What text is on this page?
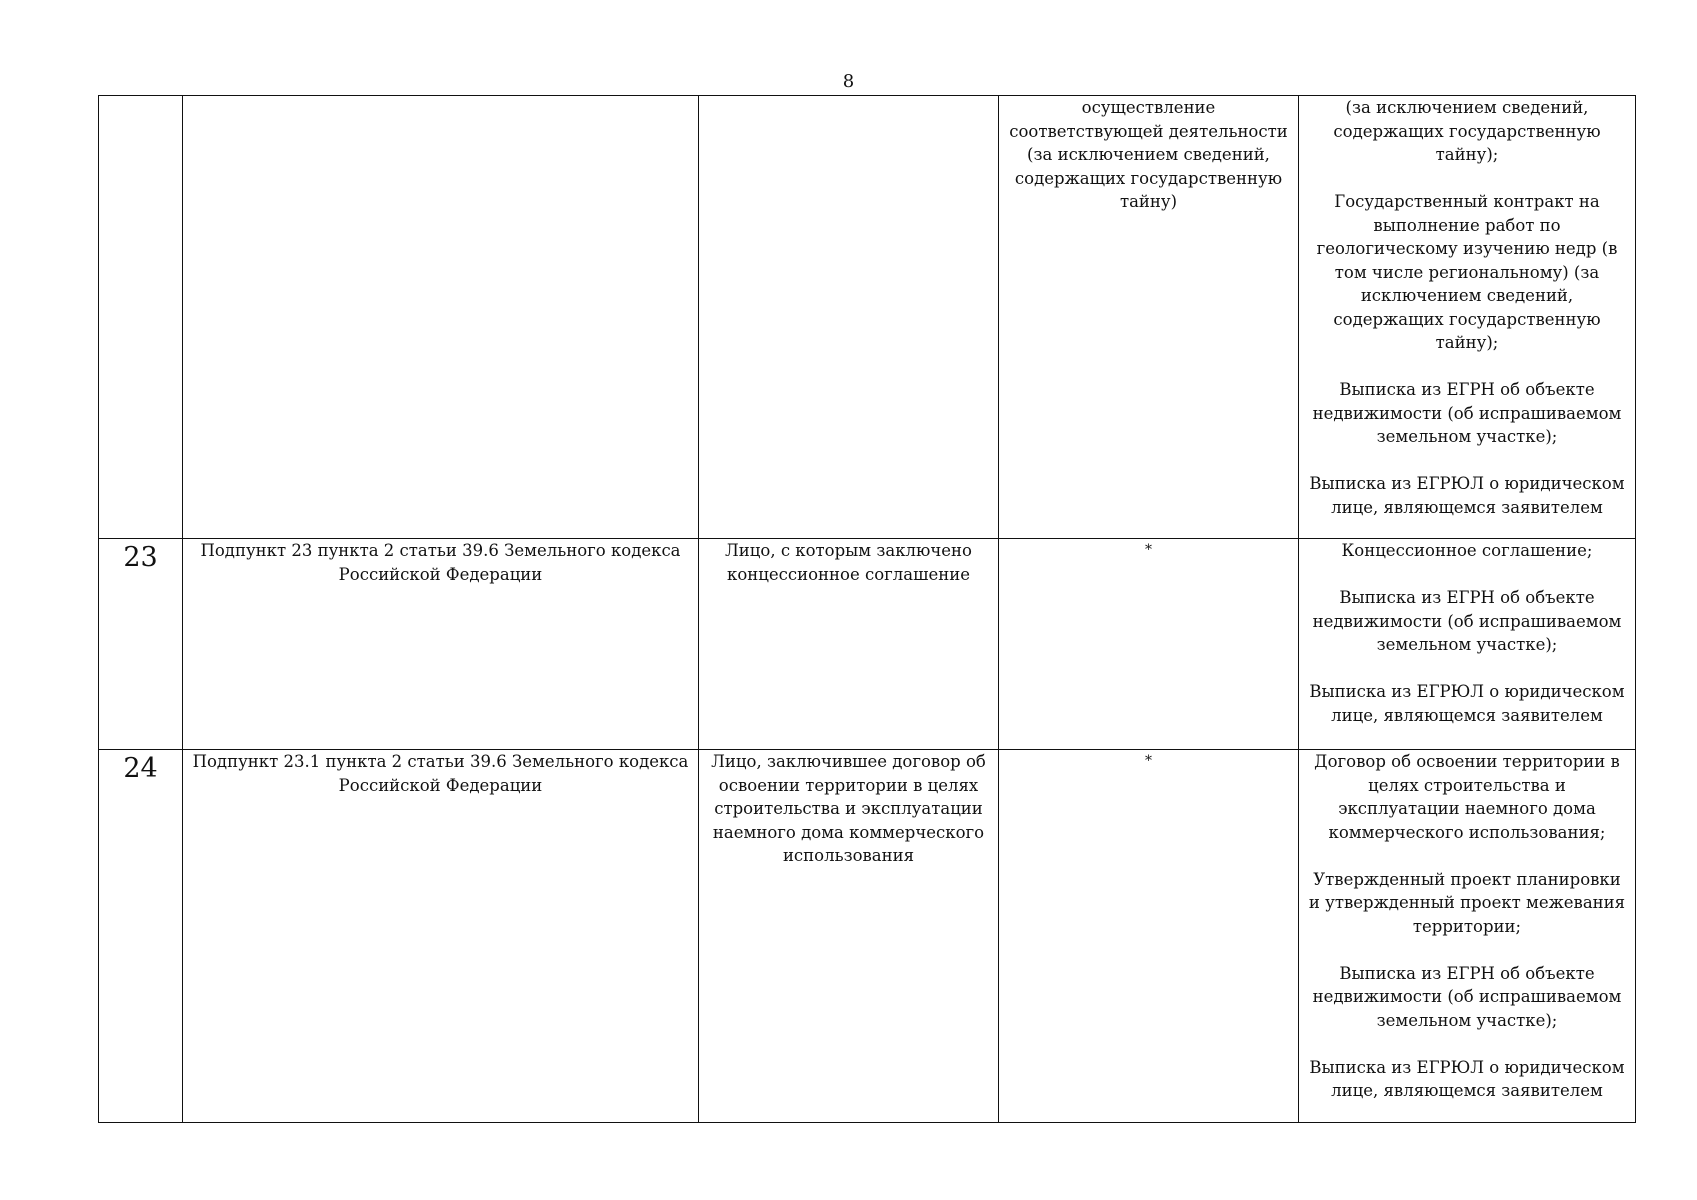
8
			осуществление соответствующей деятельности (за исключением сведений, содержащих государственную тайну)	(за исключением сведений, содержащих государственную тайну);
Государственный контракт на выполнение работ по геологическому изучению недр (в том числе региональному) (за исключением сведений, содержащих государственную тайну);
Выписка из ЕГРН об объекте недвижимости (об испрашиваемом земельном участке);
Выписка из ЕГРЮЛ о юридическом лице, являющемся заявителем

23	Подпункт 23 пункта 2 статьи 39.6 Земельного кодекса Российской Федерации	Лицо, с которым заключено концессионное соглашение	*	Концессионное соглашение;
Выписка из ЕГРН об объекте недвижимости (об испрашиваемом земельном участке);
Выписка из ЕГРЮЛ о юридическом лице, являющемся заявителем

24	Подпункт 23.1 пункта 2 статьи 39.6 Земельного кодекса Российской Федерации	Лицо, заключившее договор об освоении территории в целях строительства и эксплуатации наемного дома коммерческого использования	*	Договор об освоении территории в целях строительства и эксплуатации наемного дома коммерческого использования;
Утвержденный проект планировки и утвержденный проект межевания территории;
Выписка из ЕГРН об объекте недвижимости (об испрашиваемом земельном участке);
Выписка из ЕГРЮЛ о юридическом лице, являющемся заявителем
